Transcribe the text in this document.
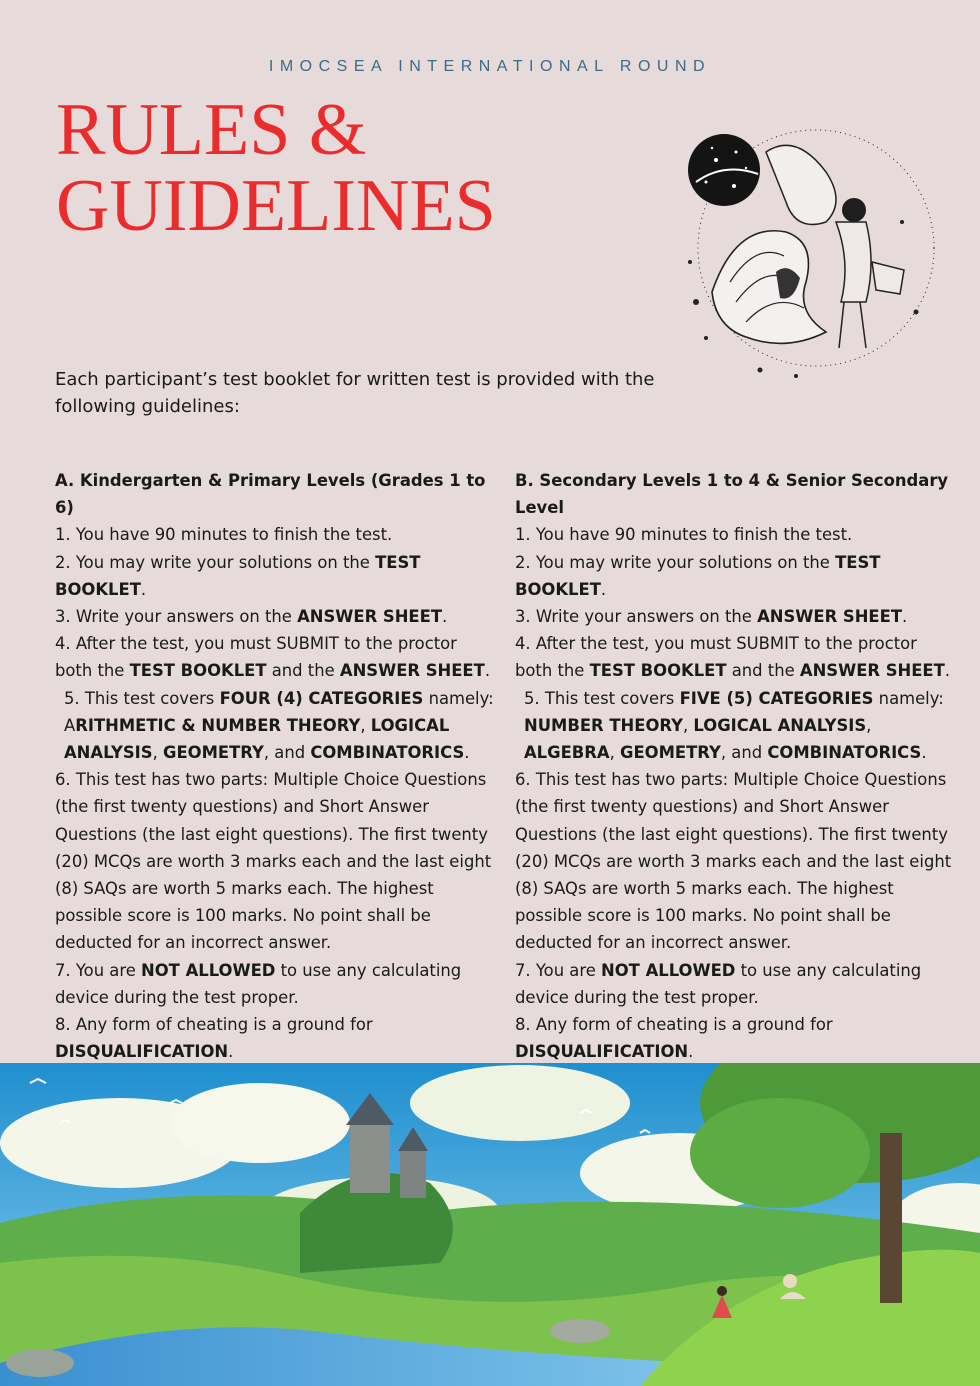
IMOCSEA INTERNATIONAL ROUND
RULES &
GUIDELINES

Each participant’s test booklet for written test is provided with the following guidelines:

A. Kindergarten & Primary Levels (Grades 1 to 6)

1. You have 90 minutes to finish the test.

2. You may write your solutions on the TEST BOOKLET.

3. Write your answers on the ANSWER SHEET.

4. After the test, you must SUBMIT to the proctor both the TEST BOOKLET and the ANSWER SHEET.

5. This test covers FOUR (4) CATEGORIES namely: ARITHMETIC & NUMBER THEORY, LOGICAL ANALYSIS, GEOMETRY, and COMBINATORICS.

6. This test has two parts: Multiple Choice Questions (the first twenty questions) and Short Answer Questions (the last eight questions). The first twenty (20) MCQs are worth 3 marks each and the last eight (8) SAQs are worth 5 marks each. The highest possible score is 100 marks. No point shall be deducted for an incorrect answer.

7. You are NOT ALLOWED to use any calculating device during the test proper.

8. Any form of cheating is a ground for DISQUALIFICATION.

B. Secondary Levels 1 to 4 & Senior Secondary Level

1. You have 90 minutes to finish the test.

2. You may write your solutions on the TEST BOOKLET.

3. Write your answers on the ANSWER SHEET.

4. After the test, you must SUBMIT to the proctor both the TEST BOOKLET and the ANSWER SHEET.

5. This test covers FIVE (5) CATEGORIES namely: NUMBER THEORY, LOGICAL ANALYSIS, ALGEBRA, GEOMETRY, and COMBINATORICS.

6. This test has two parts: Multiple Choice Questions (the first twenty questions) and Short Answer Questions (the last eight questions). The first twenty (20) MCQs are worth 3 marks each and the last eight (8) SAQs are worth 5 marks each. The highest possible score is 100 marks. No point shall be deducted for an incorrect answer.

7. You are NOT ALLOWED to use any calculating device during the test proper.

8. Any form of cheating is a ground for DISQUALIFICATION.
